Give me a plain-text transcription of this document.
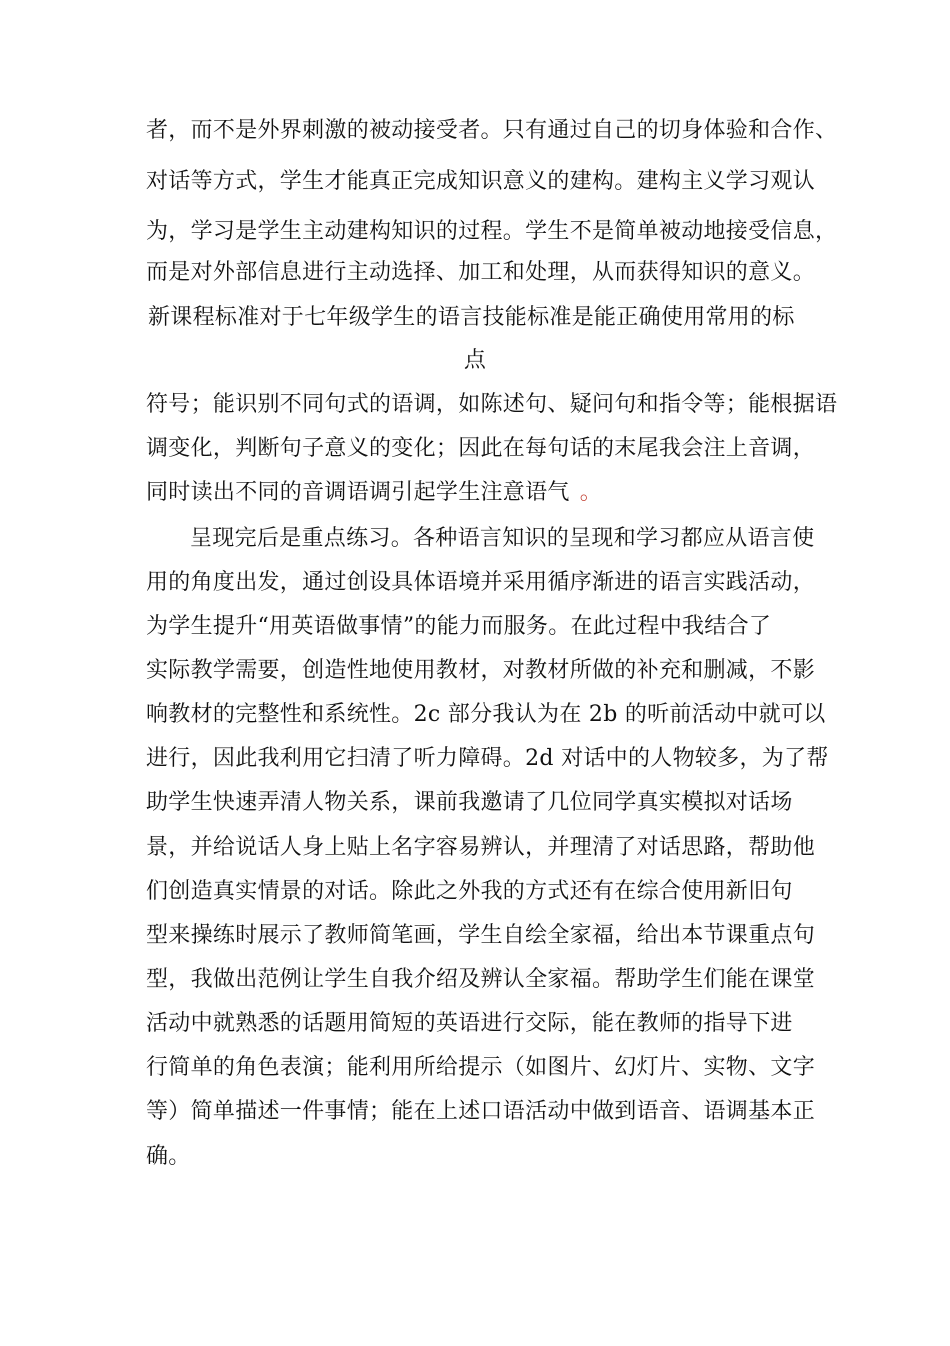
者，而不是外界刺激的被动接受者。只有通过自己的切身体验和合作、
对话等方式，学生才能真正完成知识意义的建构。建构主义学习观认
为，学习是学生主动建构知识的过程。学生不是简单被动地接受信息，
而是对外部信息进行主动选择、加工和处理，从而获得知识的意义。
新课程标准对于七年级学生的语言技能标准是能正确使用常用的标
点
符号；能识别不同句式的语调，如陈述句、疑问句和指令等；能根据语
调变化，判断句子意义的变化；因此在每句话的末尾我会注上音调，
同时读出不同的音调语调引起学生注意语气 。
呈现完后是重点练习。各种语言知识的呈现和学习都应从语言使
用的角度出发，通过创设具体语境并采用循序渐进的语言实践活动，
为学生提升“用英语做事情”的能力而服务。在此过程中我结合了
实际教学需要，创造性地使用教材，对教材所做的补充和删减，不影
响教材的完整性和系统性。2c 部分我认为在 2b 的听前活动中就可以
进行，因此我利用它扫清了听力障碍。2d 对话中的人物较多，为了帮
助学生快速弄清人物关系，课前我邀请了几位同学真实模拟对话场
景，并给说话人身上贴上名字容易辨认，并理清了对话思路，帮助他
们创造真实情景的对话。除此之外我的方式还有在综合使用新旧句
型来操练时展示了教师简笔画，学生自绘全家福，给出本节课重点句
型，我做出范例让学生自我介绍及辨认全家福。帮助学生们能在课堂
活动中就熟悉的话题用简短的英语进行交际，能在教师的指导下进
行简单的角色表演；能利用所给提示（如图片、幻灯片、实物、文字
等）简单描述一件事情；能在上述口语活动中做到语音、语调基本正
确。
